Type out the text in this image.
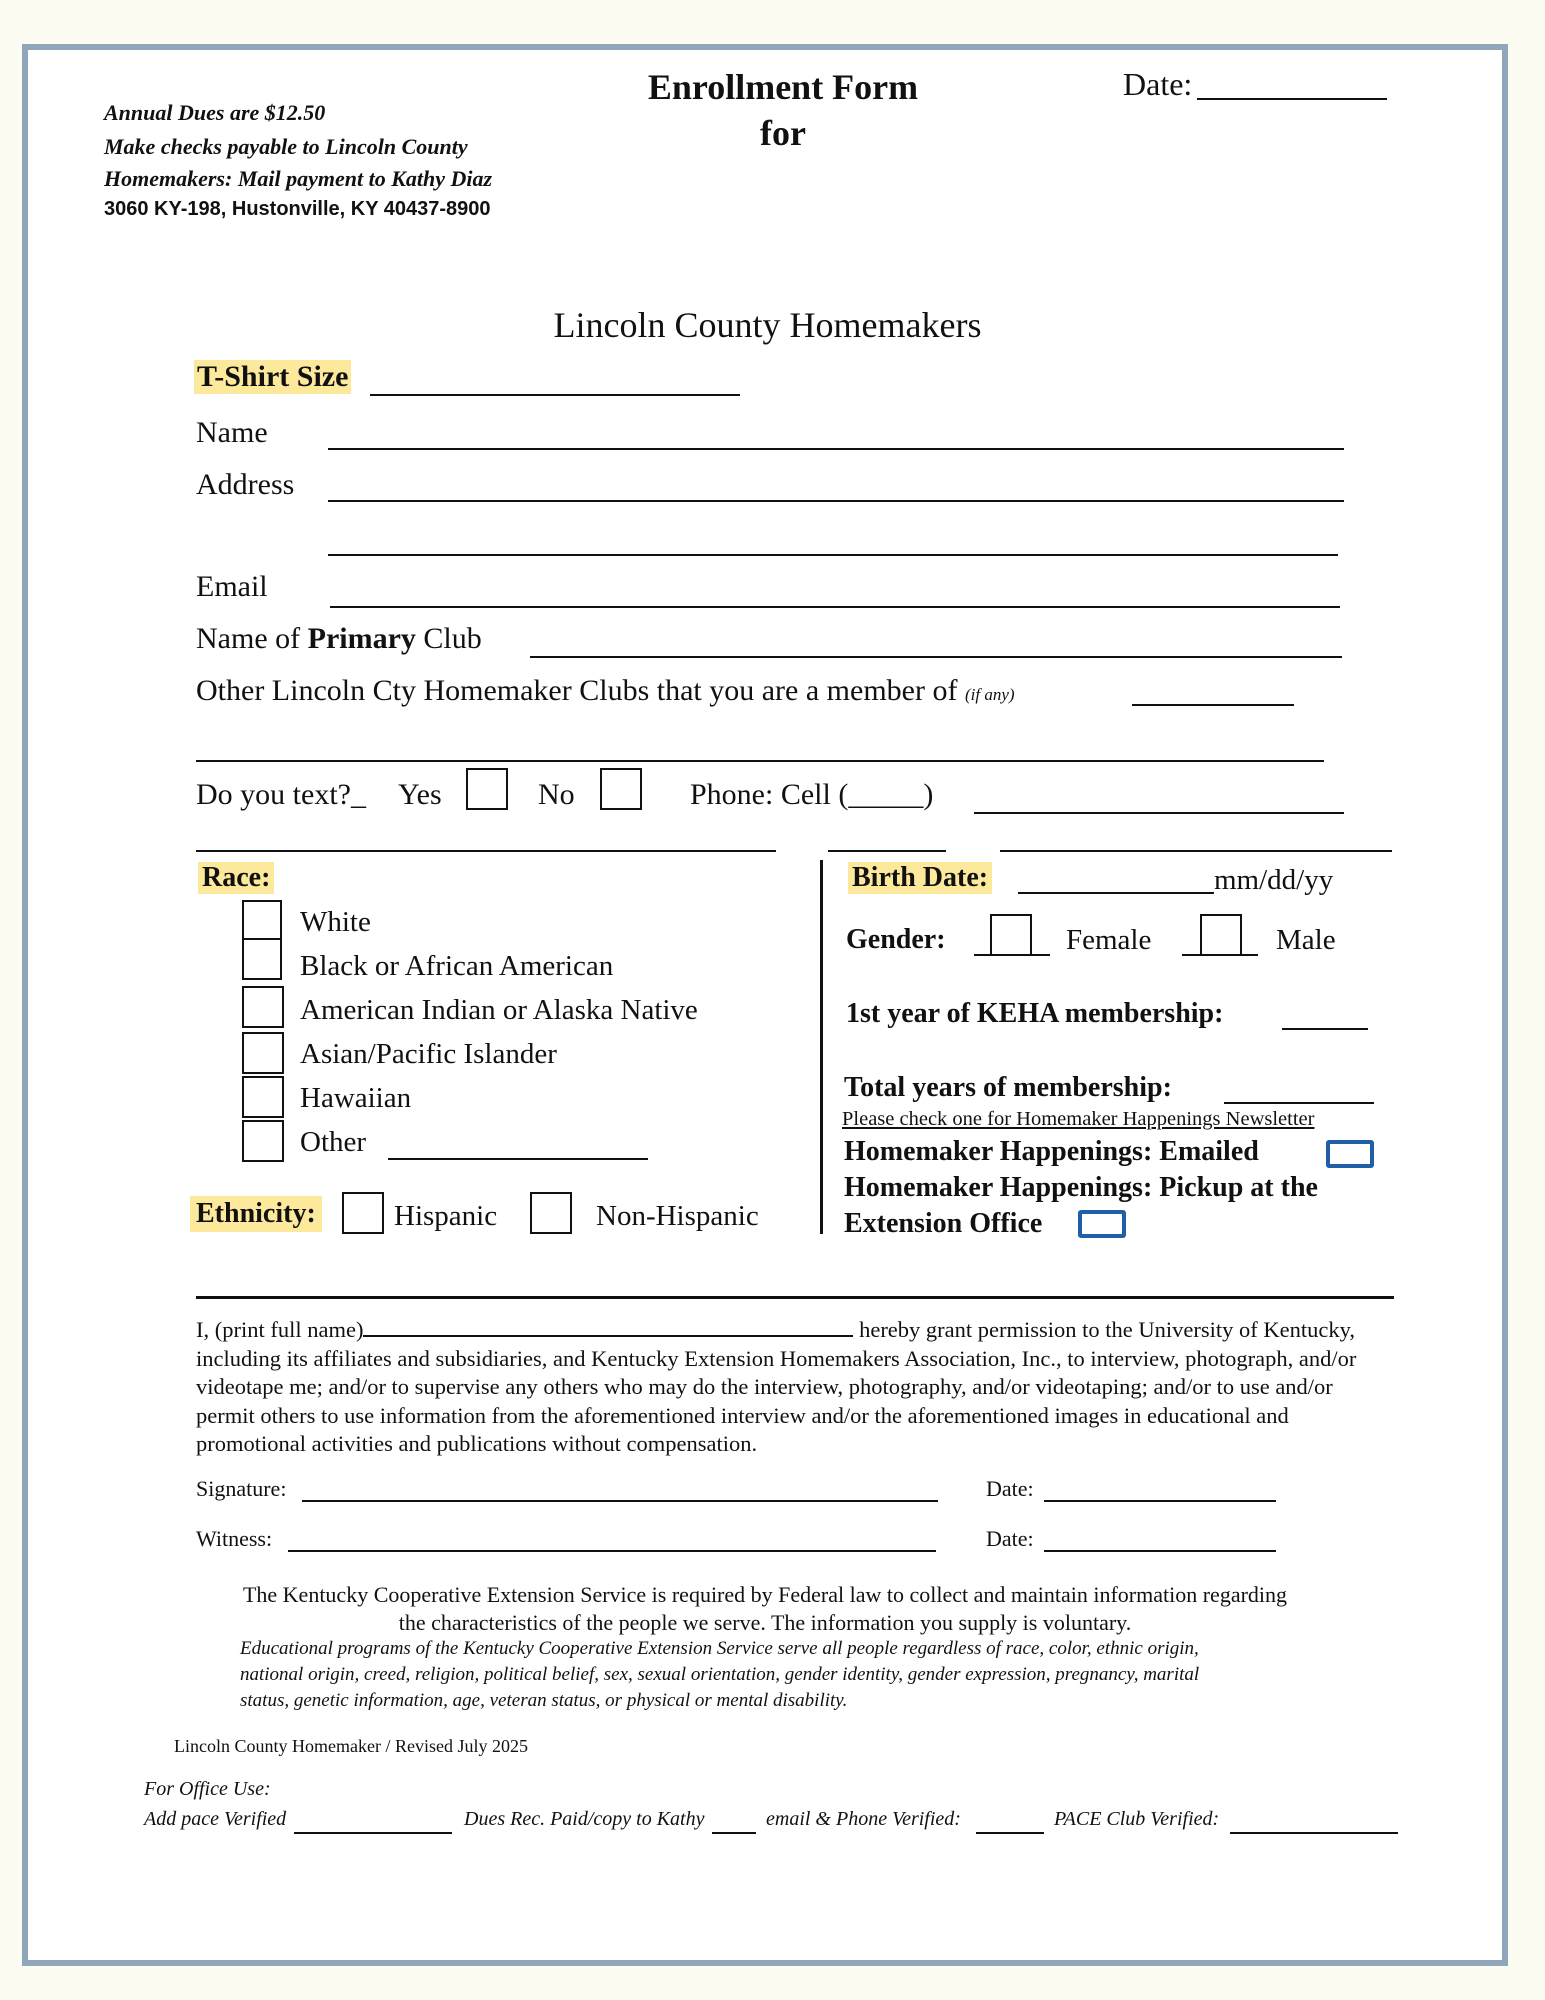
Annual Dues are $12.50
Make checks payable to Lincoln County
Homemakers: Mail payment to Kathy Diaz
3060 KY-198, Hustonville, KY 40437-8900
Enrollment Form
for
Date:
Lincoln County Homemakers
T-Shirt Size
Name
Address
Email
Name of Primary Club
Other Lincoln Cty Homemaker Clubs that you are a member of (if any)
Do you text?_ Yes	No	Phone: Cell (_____)
Race:
White
Black or African American
American Indian or Alaska Native
Asian/Pacific Islander
Hawaiian
Other
Ethnicity:	Hispanic	Non-Hispanic
Birth Date:	mm/dd/yy
Gender:	Female	Male
1st year of KEHA membership:
Total years of membership:
Please check one for Homemaker Happenings Newsletter
Homemaker Happenings: Emailed
Homemaker Happenings: Pickup at the
Extension Office
I, (print full name)	hereby grant permission to the University of Kentucky, including its affiliates and subsidiaries, and Kentucky Extension Homemakers Association, Inc., to interview, photograph, and/or videotape me; and/or to supervise any others who may do the interview, photography, and/or videotaping; and/or to use and/or permit others to use information from the aforementioned interview and/or the aforementioned images in educational and promotional activities and publications without compensation.
Signature:	Date:
Witness:	Date:
The Kentucky Cooperative Extension Service is required by Federal law to collect and maintain information regarding
the characteristics of the people we serve. The information you supply is voluntary.
Educational programs of the Kentucky Cooperative Extension Service serve all people regardless of race, color, ethnic origin,
national origin, creed, religion, political belief, sex, sexual orientation, gender identity, gender expression, pregnancy, marital
status, genetic information, age, veteran status, or physical or mental disability.
Lincoln County Homemaker / Revised July 2025
For Office Use:
Add pace Verified	Dues Rec. Paid/copy to Kathy	email & Phone Verified:	PACE Club Verified:
